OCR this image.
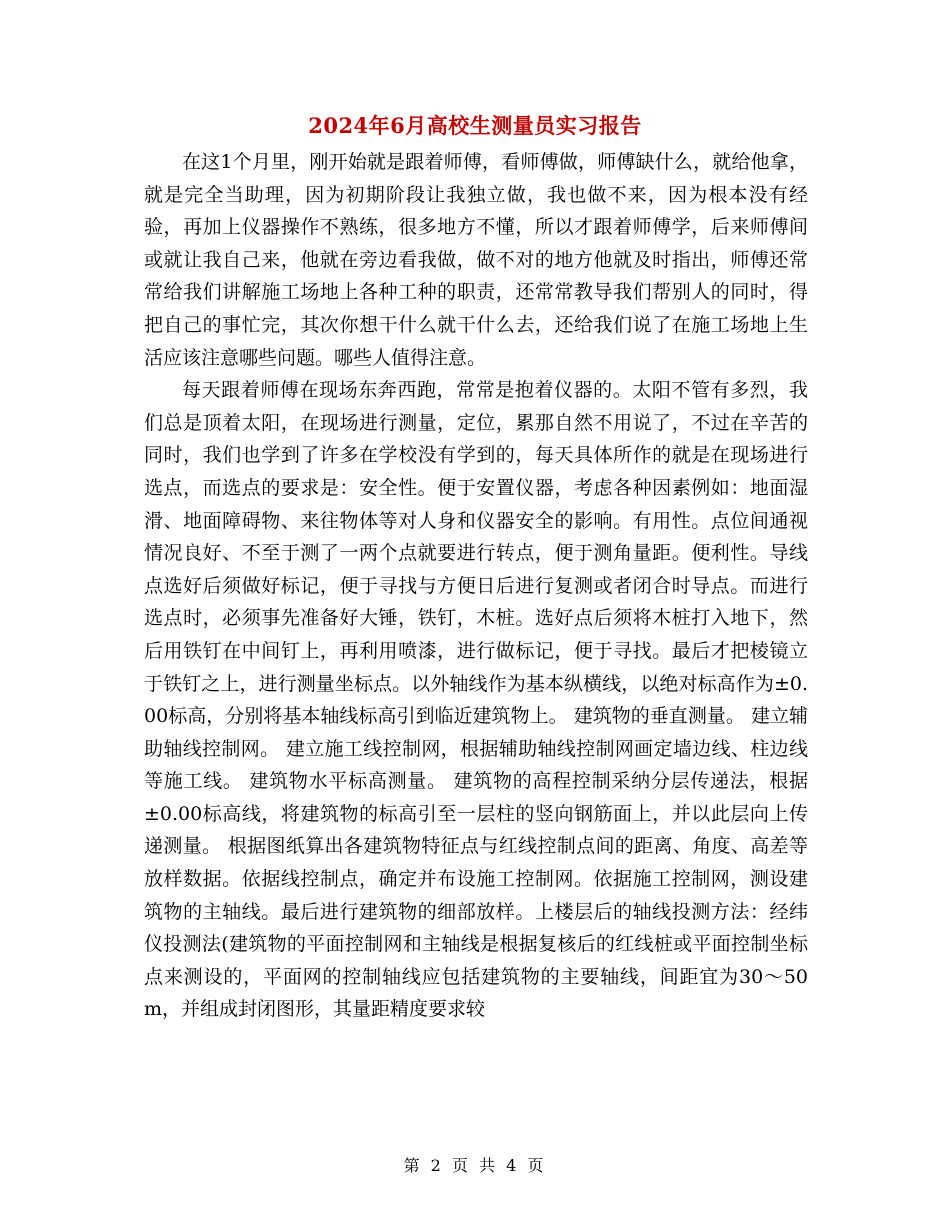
2024年6月高校生测量员实习报告

在这1个月里，刚开始就是跟着师傅，看师傅做，师傅缺什么，就给他拿，就是完全当助理，因为初期阶段让我独立做，我也做不来，因为根本没有经验，再加上仪器操作不熟练，很多地方不懂，所以才跟着师傅学，后来师傅间或就让我自己来，他就在旁边看我做，做不对的地方他就及时指出，师傅还常常给我们讲解施工场地上各种工种的职责，还常常教导我们帮别人的同时，得把自己的事忙完，其次你想干什么就干什么去，还给我们说了在施工场地上生活应该注意哪些问题。哪些人值得注意。

每天跟着师傅在现场东奔西跑，常常是抱着仪器的。太阳不管有多烈，我们总是顶着太阳，在现场进行测量，定位，累那自然不用说了，不过在辛苦的同时，我们也学到了许多在学校没有学到的，每天具体所作的就是在现场进行选点，而选点的要求是：安全性。便于安置仪器，考虑各种因素例如：地面湿滑、地面障碍物、来往物体等对人身和仪器安全的影响。有用性。点位间通视情况良好、不至于测了一两个点就要进行转点，便于测角量距。便利性。导线点选好后须做好标记，便于寻找与方便日后进行复测或者闭合时导点。而进行选点时，必须事先准备好大锤，铁钉，木桩。选好点后须将木桩打入地下，然后用铁钉在中间钉上，再利用喷漆，进行做标记，便于寻找。最后才把棱镜立于铁钉之上，进行测量坐标点。以外轴线作为基本纵横线，以绝对标高作为±0.00标高，分别将基本轴线标高引到临近建筑物上。 建筑物的垂直测量。 建立辅助轴线控制网。 建立施工线控制网，根据辅助轴线控制网画定墙边线、柱边线等施工线。 建筑物水平标高测量。 建筑物的高程控制采纳分层传递法，根据±0.00标高线，将建筑物的标高引至一层柱的竖向钢筋面上，并以此层向上传递测量。 根据图纸算出各建筑物特征点与红线控制点间的距离、角度、高差等放样数据。依据线控制点，确定并布设施工控制网。依据施工控制网，测设建筑物的主轴线。最后进行建筑物的细部放样。上楼层后的轴线投测方法：经纬仪投测法(建筑物的平面控制网和主轴线是根据复核后的红线桩或平面控制坐标点来测设的，平面网的控制轴线应包括建筑物的主要轴线，间距宜为30～50m，并组成封闭图形，其量距精度要求较

第 2 页 共 4 页
